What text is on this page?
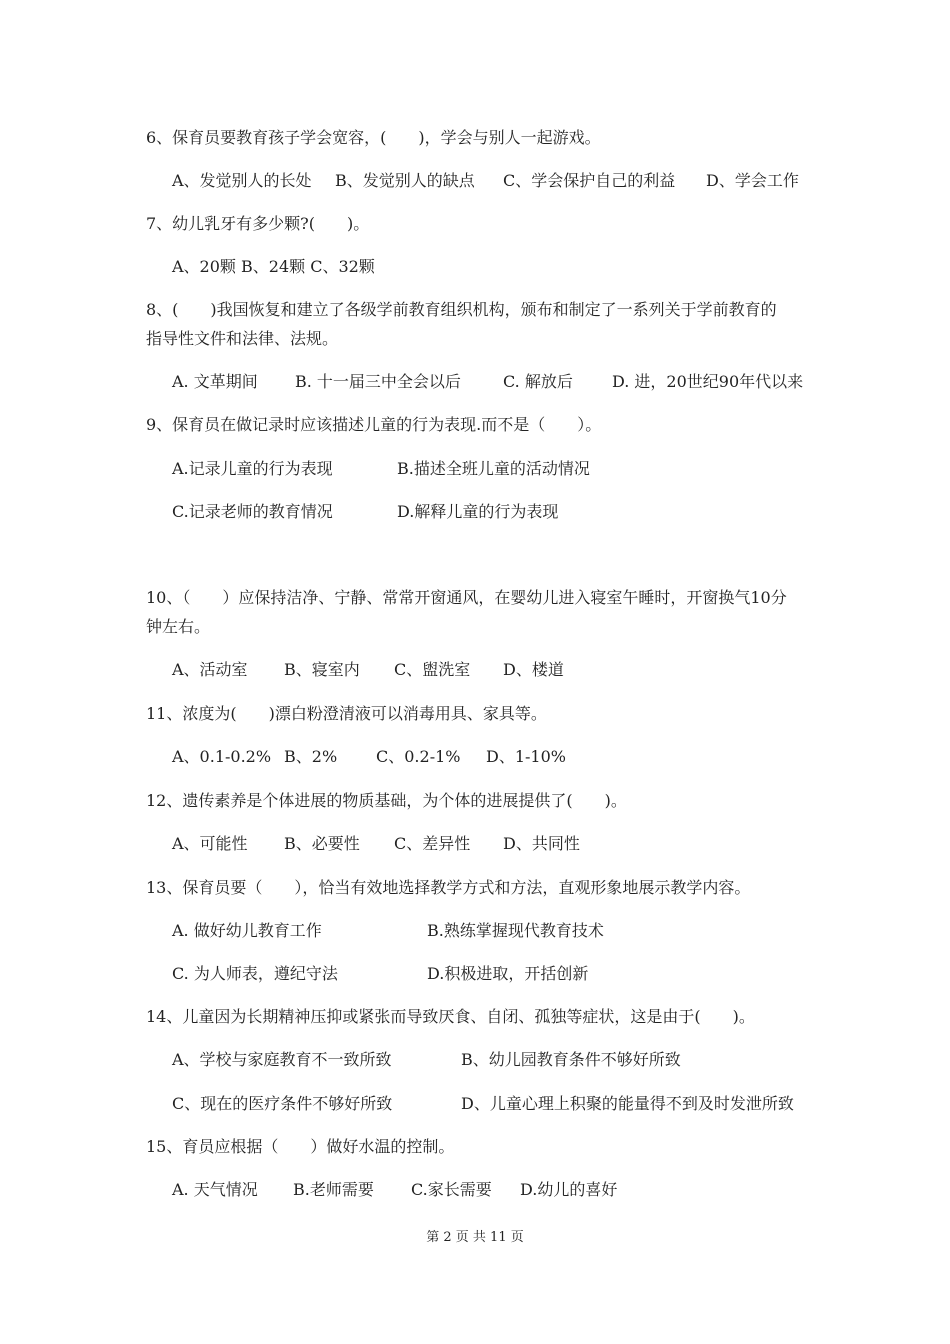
6、保育员要教育孩子学会宽容，(　　)，学会与别人一起游戏。
A、发觉别人的长处 B、发觉别人的缺点 C、学会保护自己的利益 D、学会工作
7、幼儿乳牙有多少颗?(　　)。
A、20颗 B、24颗 C、32颗
8、(　　)我国恢复和建立了各级学前教育组织机构，颁布和制定了一系列关于学前教育的
指导性文件和法律、法规。
A. 文革期间 B. 十一届三中全会以后	C. 解放后 D. 进，20世纪90年代以来
9、保育员在做记录时应该描述儿童的行为表现.而不是（　　）。
A.记录儿童的行为表现	B.描述全班儿童的活动情况
C.记录老师的教育情况	D.解释儿童的行为表现
10、（　　）应保持洁净、宁静、常常开窗通风，在婴幼儿进入寝室午睡时，开窗换气10分
钟左右。
A、活动室 B、寝室内 C、盥洗室 D、楼道
11、浓度为(　　)漂白粉澄清液可以消毒用具、家具等。
A、0.1-0.2% B、2% C、0.2-1% D、1-10%
12、遗传素养是个体进展的物质基础，为个体的进展提供了(　　)。
A、可能性 B、必要性 C、差异性 D、共同性
13、保育员要（　　），恰当有效地选择教学方式和方法，直观形象地展示教学内容。
A. 做好幼儿教育工作	B.熟练掌握现代教育技术
C. 为人师表，遵纪守法	D.积极进取，开括创新
14、儿童因为长期精神压抑或紧张而导致厌食、自闭、孤独等症状，这是由于(　　)。
A、学校与家庭教育不一致所致	B、幼儿园教育条件不够好所致
C、现在的医疗条件不够好所致	D、儿童心理上积聚的能量得不到及时发泄所致
15、育员应根据（　　）做好水温的控制。
A. 天气情况 B.老师需要 C.家长需要 D.幼儿的喜好
第 2 页 共 11 页
